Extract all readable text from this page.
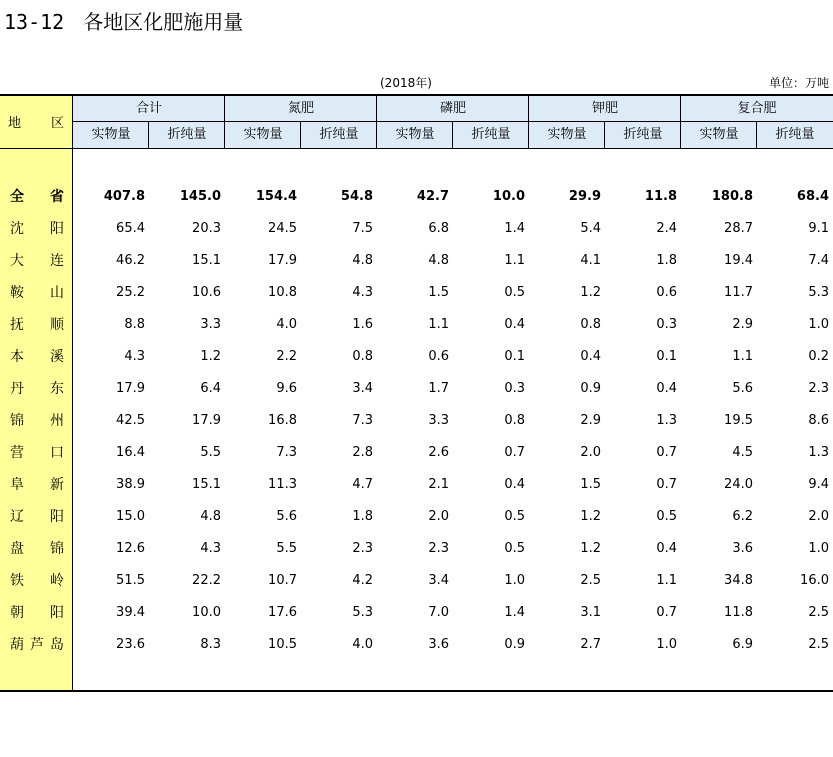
13-12 各地区化肥施用量
(2018年)	单位：万吨
地 区
合计
实物量	折纯量
氮肥
实物量	折纯量
磷肥
实物量	折纯量
钾肥
实物量	折纯量
复合肥
实物量	折纯量
全 省	407.8	145.0	154.4	54.8	42.7	10.0	29.9	11.8	180.8	68.4
沈 阳	65.4	20.3	24.5	7.5	6.8	1.4	5.4	2.4	28.7	9.1
大 连	46.2	15.1	17.9	4.8	4.8	1.1	4.1	1.8	19.4	7.4
鞍 山	25.2	10.6	10.8	4.3	1.5	0.5	1.2	0.6	11.7	5.3
抚 顺	8.8	3.3	4.0	1.6	1.1	0.4	0.8	0.3	2.9	1.0
本 溪	4.3	1.2	2.2	0.8	0.6	0.1	0.4	0.1	1.1	0.2
丹 东	17.9	6.4	9.6	3.4	1.7	0.3	0.9	0.4	5.6	2.3
锦 州	42.5	17.9	16.8	7.3	3.3	0.8	2.9	1.3	19.5	8.6
营 口	16.4	5.5	7.3	2.8	2.6	0.7	2.0	0.7	4.5	1.3
阜 新	38.9	15.1	11.3	4.7	2.1	0.4	1.5	0.7	24.0	9.4
辽 阳	15.0	4.8	5.6	1.8	2.0	0.5	1.2	0.5	6.2	2.0
盘 锦	12.6	4.3	5.5	2.3	2.3	0.5	1.2	0.4	3.6	1.0
铁 岭	51.5	22.2	10.7	4.2	3.4	1.0	2.5	1.1	34.8	16.0
朝 阳	39.4	10.0	17.6	5.3	7.0	1.4	3.1	0.7	11.8	2.5
葫 芦 岛	23.6	8.3	10.5	4.0	3.6	0.9	2.7	1.0	6.9	2.5
